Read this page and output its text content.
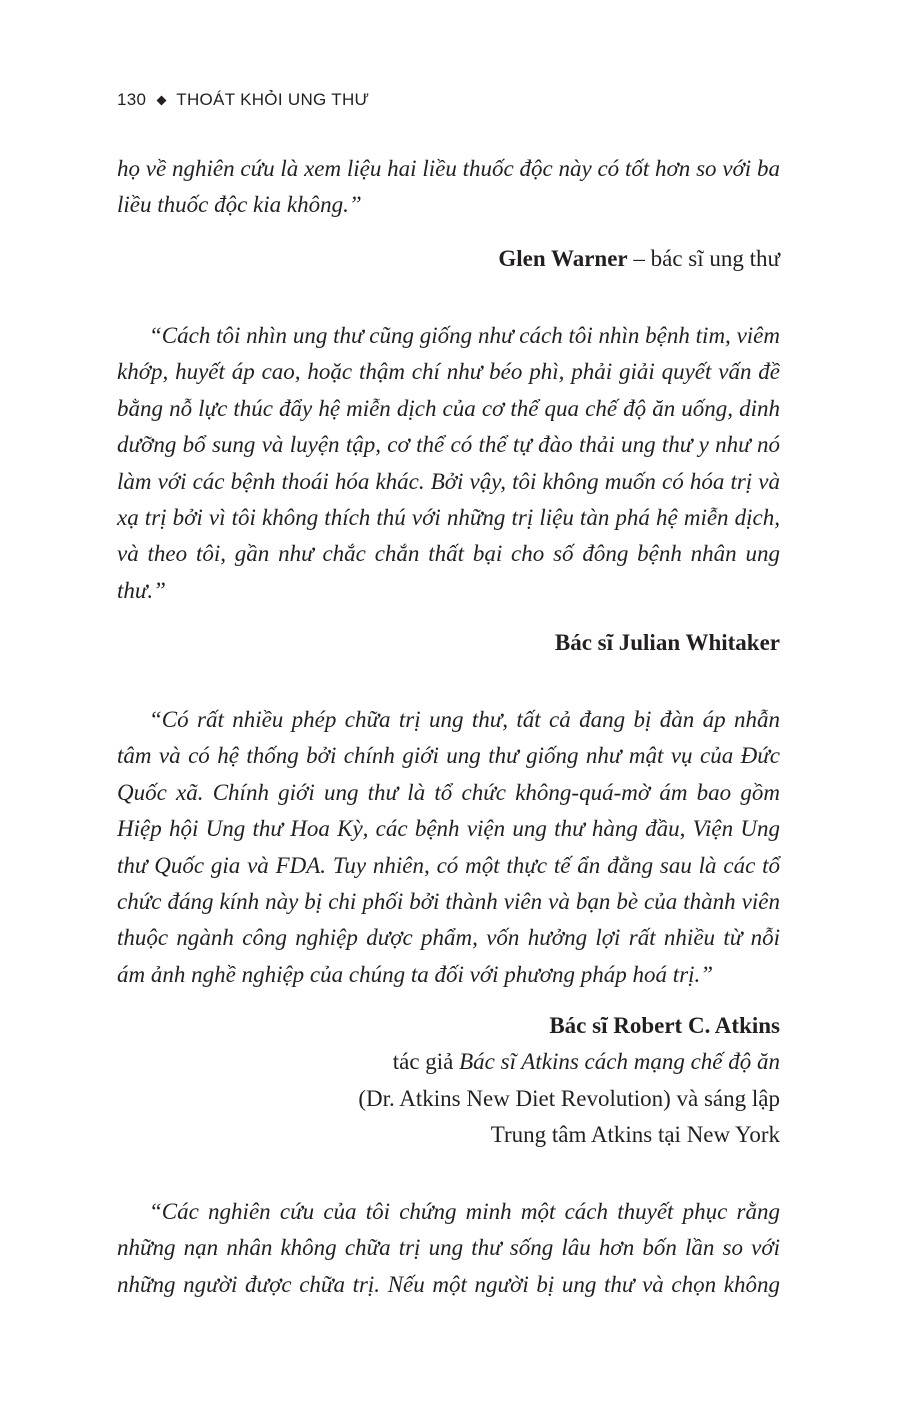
130 THOÁT KHỎI UNG THƯ

họ về nghiên cứu là xem liệu hai liều thuốc độc này có tốt hơn so với ba liều thuốc độc kia không.”

Glen Warner – bác sĩ ung thư

“Cách tôi nhìn ung thư cũng giống như cách tôi nhìn bệnh tim, viêm khớp, huyết áp cao, hoặc thậm chí như béo phì, phải giải quyết vấn đề bằng nỗ lực thúc đẩy hệ miễn dịch của cơ thể qua chế độ ăn uống, dinh dưỡng bổ sung và luyện tập, cơ thể có thể tự đào thải ung thư y như nó làm với các bệnh thoái hóa khác. Bởi vậy, tôi không muốn có hóa trị và xạ trị bởi vì tôi không thích thú với những trị liệu tàn phá hệ miễn dịch, và theo tôi, gần như chắc chắn thất bại cho số đông bệnh nhân ung thư.”

Bác sĩ Julian Whitaker

“Có rất nhiều phép chữa trị ung thư, tất cả đang bị đàn áp nhẫn tâm và có hệ thống bởi chính giới ung thư giống như mật vụ của Đức Quốc xã. Chính giới ung thư là tổ chức không-quá-mờ ám bao gồm Hiệp hội Ung thư Hoa Kỳ, các bệnh viện ung thư hàng đầu, Viện Ung thư Quốc gia và FDA. Tuy nhiên, có một thực tế ẩn đằng sau là các tổ chức đáng kính này bị chi phối bởi thành viên và bạn bè của thành viên thuộc ngành công nghiệp dược phẩm, vốn hưởng lợi rất nhiều từ nỗi ám ảnh nghề nghiệp của chúng ta đối với phương pháp hoá trị.”

Bác sĩ Robert C. Atkins
tác giả Bác sĩ Atkins cách mạng chế độ ăn
(Dr. Atkins New Diet Revolution) và sáng lập
Trung tâm Atkins tại New York

“Các nghiên cứu của tôi chứng minh một cách thuyết phục rằng những nạn nhân không chữa trị ung thư sống lâu hơn bốn lần so với những người được chữa trị. Nếu một người bị ung thư và chọn không
